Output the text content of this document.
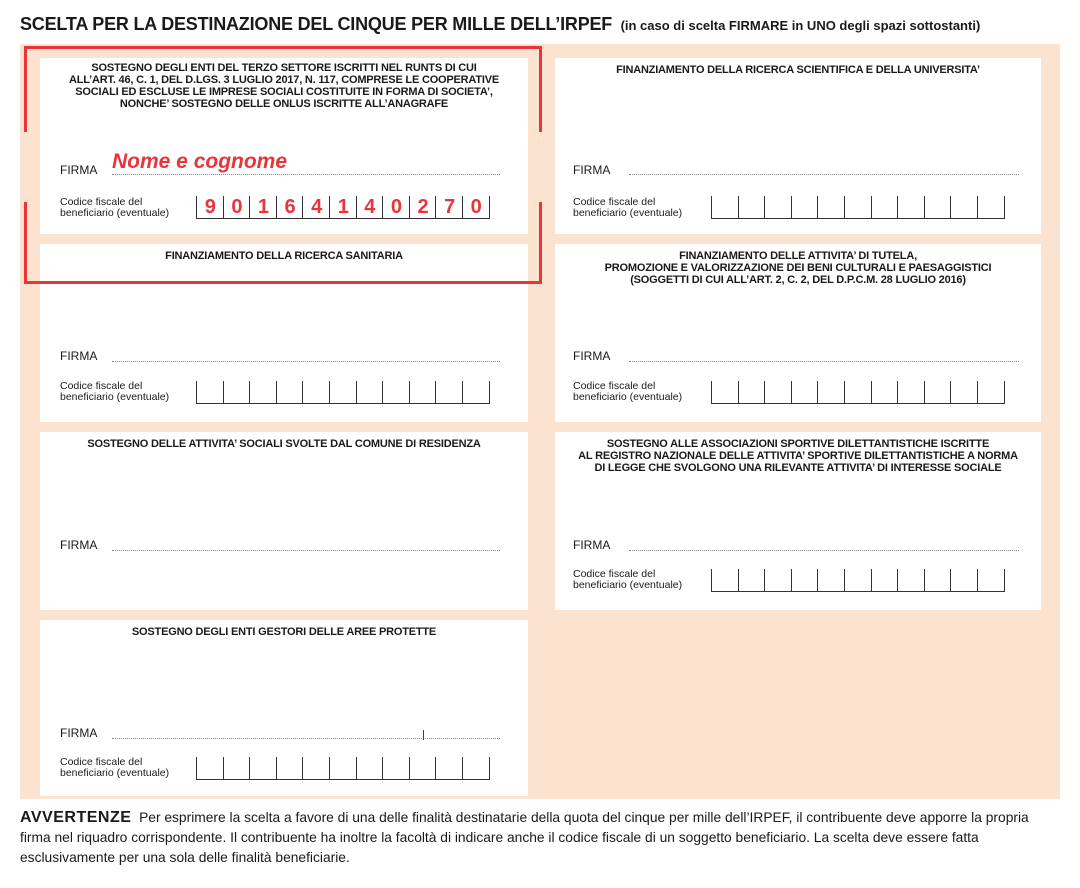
SCELTA PER LA DESTINAZIONE DEL CINQUE PER MILLE DELL’IRPEF (in caso di scelta FIRMARE in UNO degli spazi sottostanti)
SOSTEGNO DEGLI ENTI DEL TERZO SETTORE ISCRITTI NEL RUNTS DI CUI
ALL’ART. 46, C. 1, DEL D.LGS. 3 LUGLIO 2017, N. 117, COMPRESE LE COOPERATIVE
SOCIALI ED ESCLUSE LE IMPRESE SOCIALI COSTITUITE IN FORMA DI SOCIETA’,
NONCHE’ SOSTEGNO DELLE ONLUS ISCRITTE ALL’ANAGRAFE
FIRMA Nome e cognome
Codice fiscale del
beneficiario (eventuale)	9 0 1 6 4 1 4 0 2 7 0
FINANZIAMENTO DELLA RICERCA SCIENTIFICA E DELLA UNIVERSITA’
FIRMA
Codice fiscale del
beneficiario (eventuale)
FINANZIAMENTO DELLA RICERCA SANITARIA
FIRMA
Codice fiscale del
beneficiario (eventuale)
FINANZIAMENTO DELLE ATTIVITA’ DI TUTELA,
PROMOZIONE E VALORIZZAZIONE DEI BENI CULTURALI E PAESAGGISTICI
(SOGGETTI DI CUI ALL’ART. 2, C. 2, DEL D.P.C.M. 28 LUGLIO 2016)
FIRMA
Codice fiscale del
beneficiario (eventuale)
SOSTEGNO DELLE ATTIVITA’ SOCIALI SVOLTE DAL COMUNE DI RESIDENZA
FIRMA
SOSTEGNO ALLE ASSOCIAZIONI SPORTIVE DILETTANTISTICHE ISCRITTE
AL REGISTRO NAZIONALE DELLE ATTIVITA’ SPORTIVE DILETTANTISTICHE A NORMA
DI LEGGE CHE SVOLGONO UNA RILEVANTE ATTIVITA’ DI INTERESSE SOCIALE
FIRMA
Codice fiscale del
beneficiario (eventuale)
SOSTEGNO DEGLI ENTI GESTORI DELLE AREE PROTETTE
FIRMA
Codice fiscale del
beneficiario (eventuale)
AVVERTENZE Per esprimere la scelta a favore di una delle finalità destinatarie della quota del cinque per mille dell’IRPEF, il contribuente deve apporre la propria firma nel riquadro corrispondente. Il contribuente ha inoltre la facoltà di indicare anche il codice fiscale di un soggetto beneficiario. La scelta deve essere fatta esclusivamente per una sola delle finalità beneficiarie.
